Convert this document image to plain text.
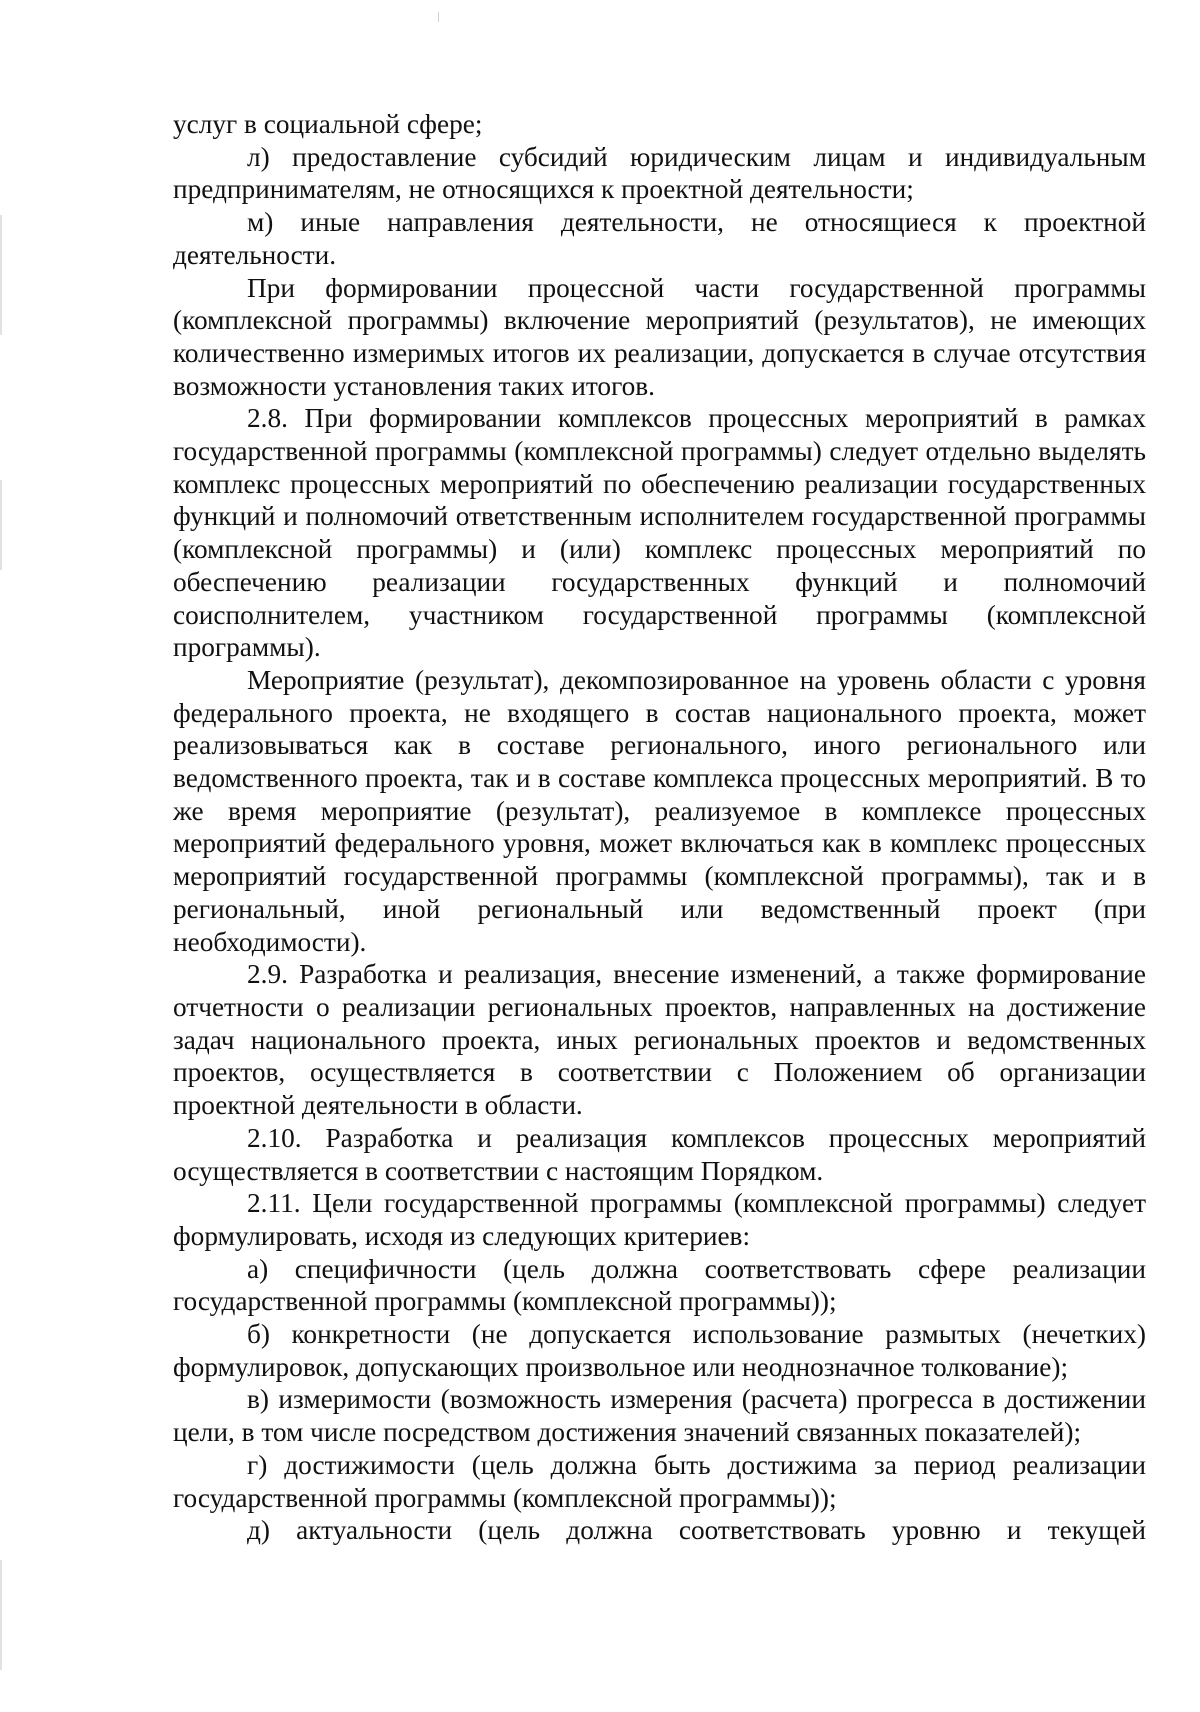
услуг в социальной сфере;

л) предоставление субсидий юридическим лицам и индивидуальным предпринимателям, не относящихся к проектной деятельности;

м) иные направления деятельности, не относящиеся к проектной деятельности.

При формировании процессной части государственной программы (комплексной программы) включение мероприятий (результатов), не имеющих количественно измеримых итогов их реализации, допускается в случае отсутствия возможности установления таких итогов.

2.8. При формировании комплексов процессных мероприятий в рамках государственной программы (комплексной программы) следует отдельно выделять комплекс процессных мероприятий по обеспечению реализации государственных функций и полномочий ответственным исполнителем государственной программы (комплексной программы) и (или) комплекс процессных мероприятий по обеспечению реализации государственных функций и полномочий соисполнителем, участником государственной программы (комплексной программы).

Мероприятие (результат), декомпозированное на уровень области с уровня федерального проекта, не входящего в состав национального проекта, может реализовываться как в составе регионального, иного регионального или ведомственного проекта, так и в составе комплекса процессных мероприятий. В то же время мероприятие (результат), реализуемое в комплексе процессных мероприятий федерального уровня, может включаться как в комплекс процессных мероприятий государственной программы (комплексной программы), так и в региональный, иной региональный или ведомственный проект (при необходимости).

2.9. Разработка и реализация, внесение изменений, а также формирование отчетности о реализации региональных проектов, направленных на достижение задач национального проекта, иных региональных проектов и ведомственных проектов, осуществляется в соответствии с Положением об организации проектной деятельности в области.

2.10. Разработка и реализация комплексов процессных мероприятий осуществляется в соответствии с настоящим Порядком.

2.11. Цели государственной программы (комплексной программы) следует формулировать, исходя из следующих критериев:

а) специфичности (цель должна соответствовать сфере реализации государственной программы (комплексной программы));

б) конкретности (не допускается использование размытых (нечетких) формулировок, допускающих произвольное или неоднозначное толкование);

в) измеримости (возможность измерения (расчета) прогресса в достижении цели, в том числе посредством достижения значений связанных показателей);

г) достижимости (цель должна быть достижима за период реализации государственной программы (комплексной программы));

д) актуальности (цель должна соответствовать уровню и текущей
